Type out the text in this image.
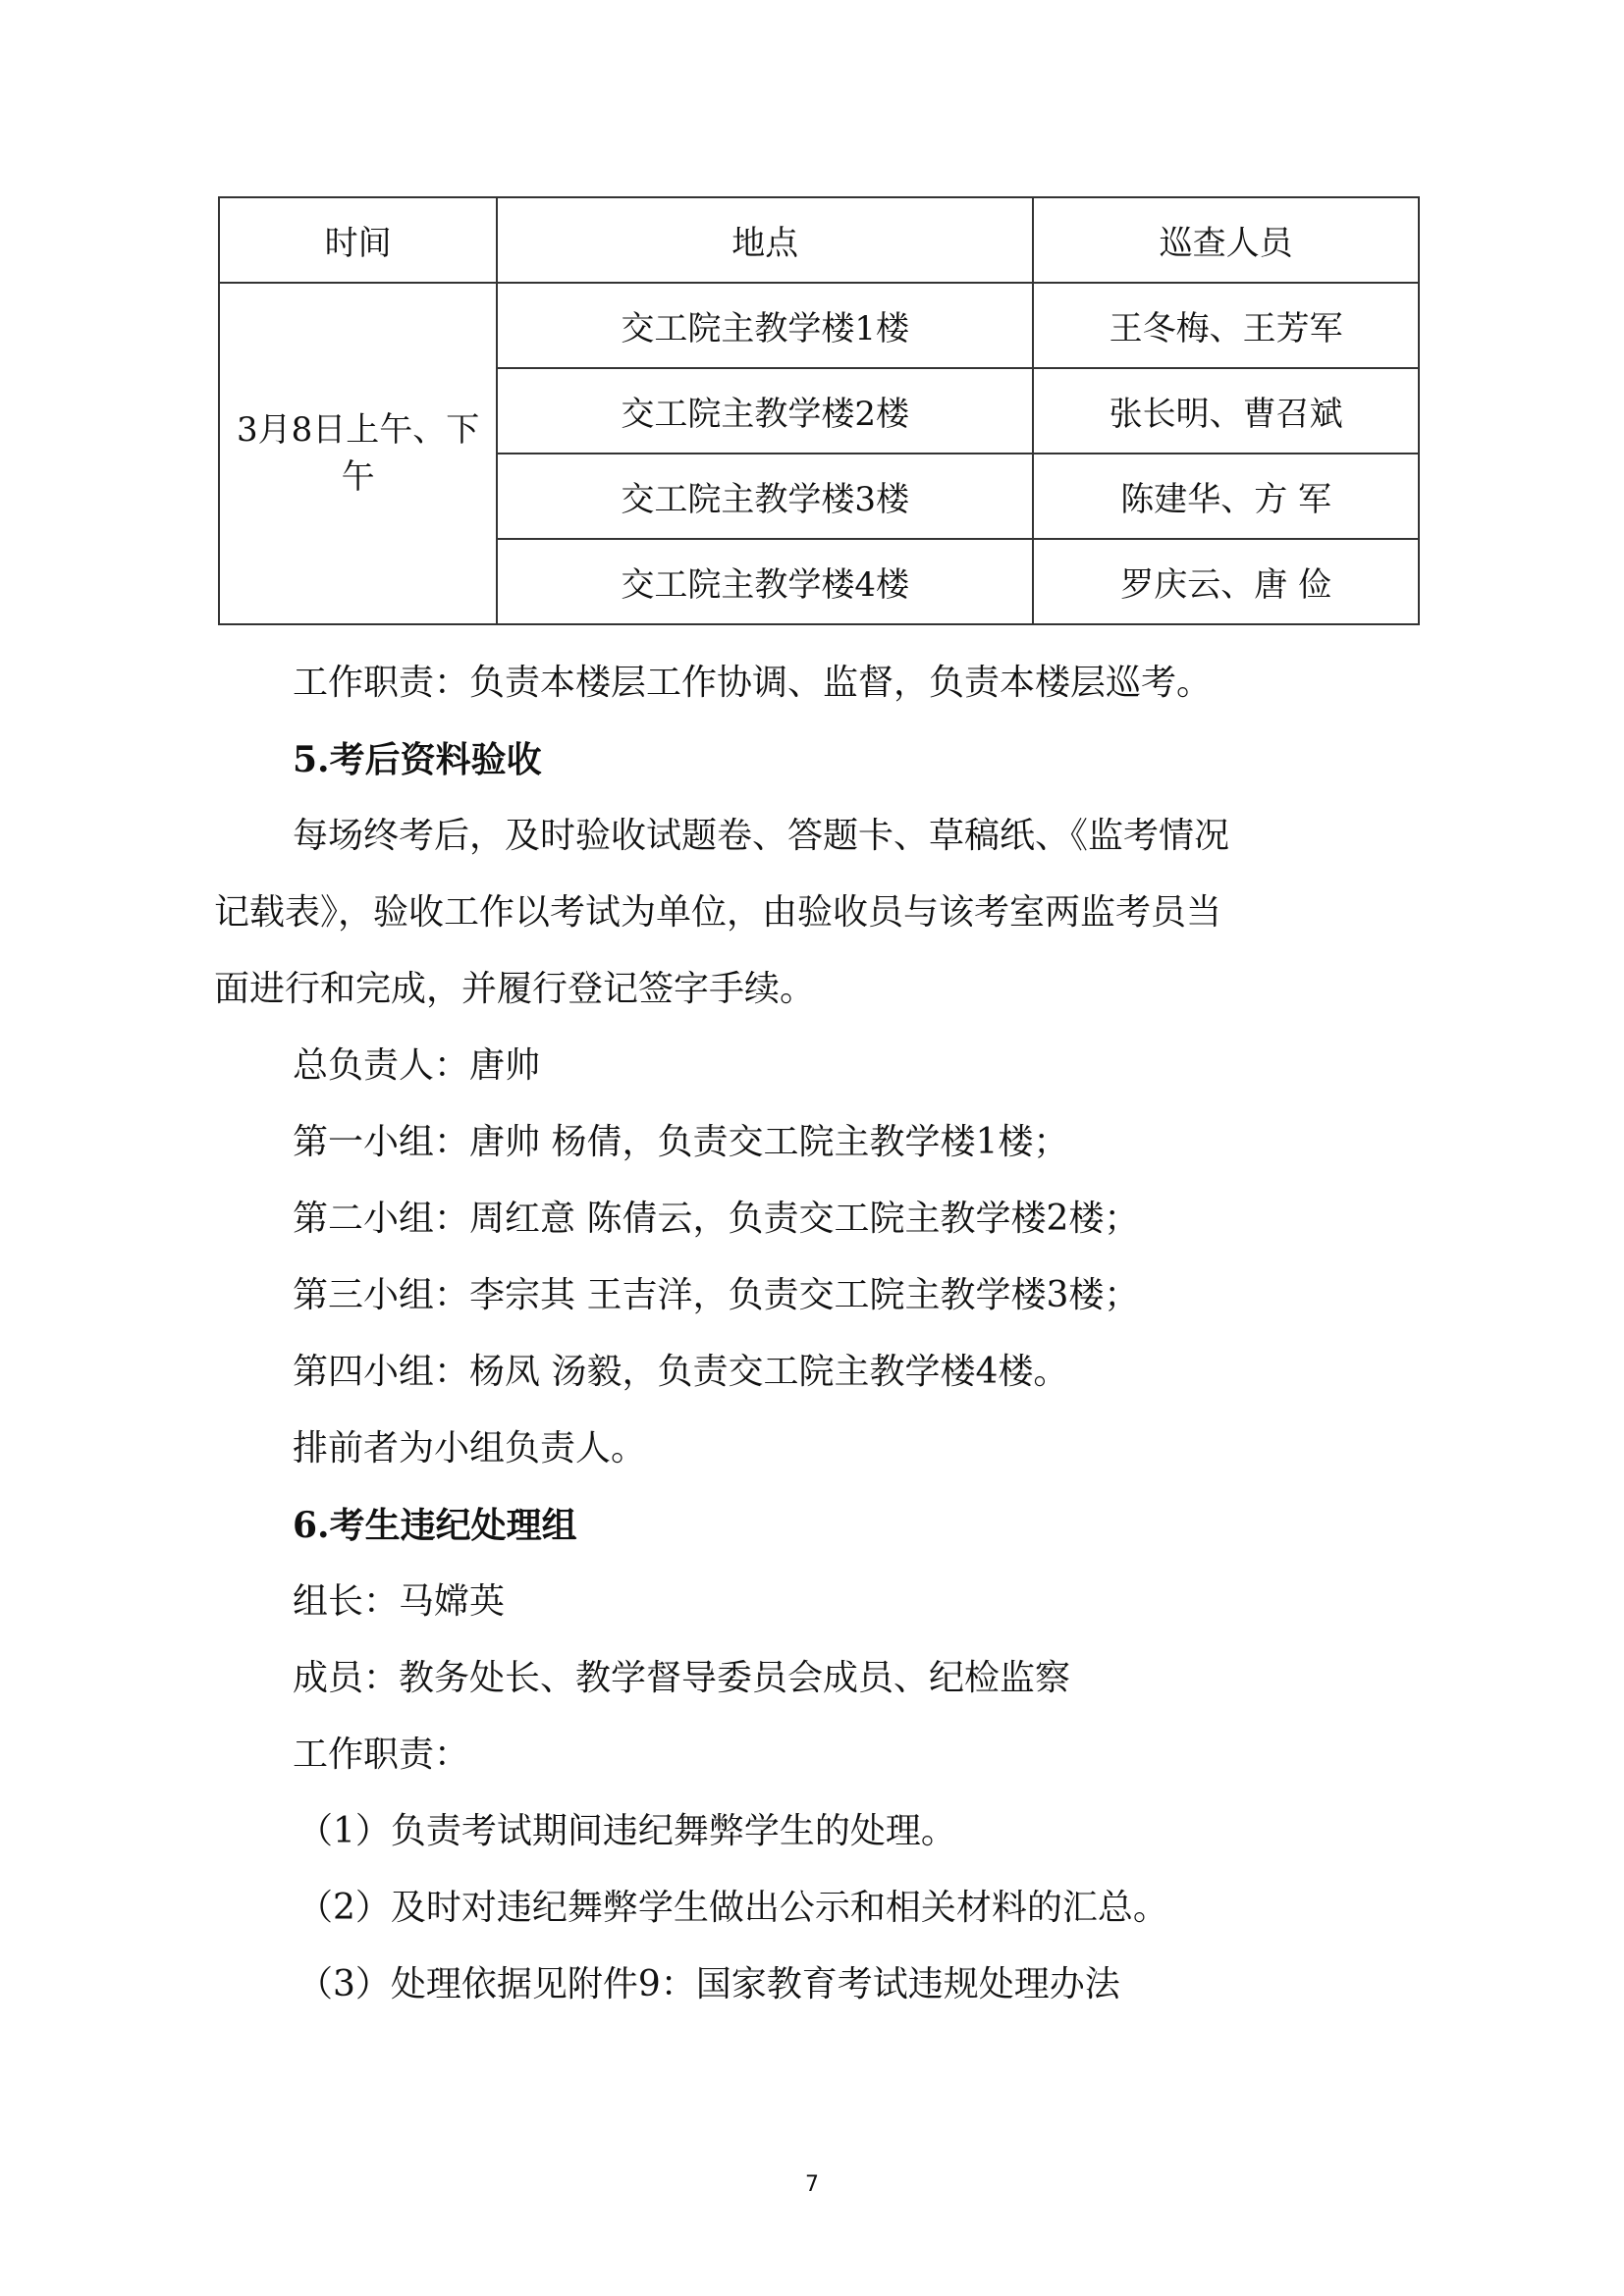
时间	地点	巡查人员
3月8日上午、下午	交工院主教学楼1楼	王冬梅、王芳军
	交工院主教学楼2楼	张长明、曹召斌
	交工院主教学楼3楼	陈建华、方 军
	交工院主教学楼4楼	罗庆云、唐 俭
工作职责：负责本楼层工作协调、监督，负责本楼层巡考。
5.考后资料验收
每场终考后，及时验收试题卷、答题卡、草稿纸、《监考情况
记载表》，验收工作以考试为单位，由验收员与该考室两监考员当
面进行和完成，并履行登记签字手续。
总负责人：唐帅
第一小组：唐帅 杨倩，负责交工院主教学楼1楼；
第二小组：周红意 陈倩云，负责交工院主教学楼2楼；
第三小组：李宗其 王吉洋，负责交工院主教学楼3楼；
第四小组：杨凤 汤毅，负责交工院主教学楼4楼。
排前者为小组负责人。
6.考生违纪处理组
组长：马嫦英
成员：教务处长、教学督导委员会成员、纪检监察
工作职责：
（1）负责考试期间违纪舞弊学生的处理。
（2）及时对违纪舞弊学生做出公示和相关材料的汇总。
（3）处理依据见附件9：国家教育考试违规处理办法
7
